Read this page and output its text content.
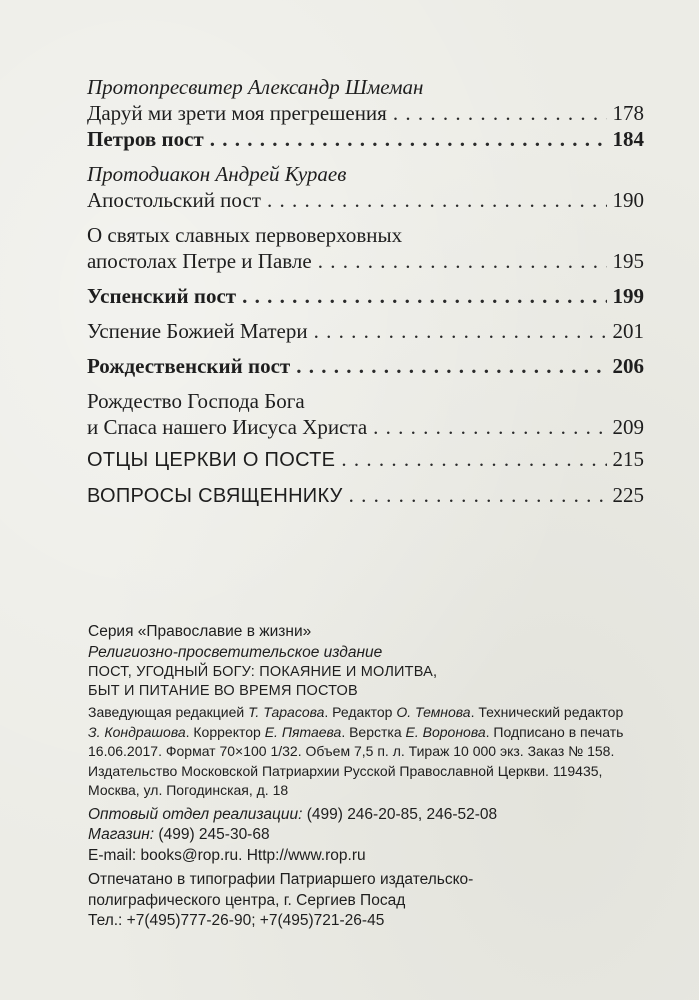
Протопресвитер Александр Шмеман
Даруй ми зрети моя прегрешения . . .	178
Петров пост . . .	184
Протодиакон Андрей Кураев
Апостольский пост . . .	190
О святых славных первоверховных
апостолах Петре и Павле . . .	195
Успенский пост . . .	199
Успение Божией Матери . . .	201
Рождественский пост . . .	206
Рождество Господа Бога
и Спаса нашего Иисуса Христа . . .	209
ОТЦЫ ЦЕРКВИ О ПОСТЕ . . .	215
ВОПРОСЫ СВЯЩЕННИКУ . . .	225
Серия «Православие в жизни»
Религиозно-просветительское издание
ПОСТ, УГОДНЫЙ БОГУ: ПОКАЯНИЕ И МОЛИТВА,
БЫТ И ПИТАНИЕ ВО ВРЕМЯ ПОСТОВ
Заведующая редакцией Т. Тарасова. Редактор О. Темнова. Технический редактор
З. Кондрашова. Корректор Е. Пятаева. Верстка Е. Воронова. Подписано в печать
16.06.2017. Формат 70×100 1/32. Объем 7,5 п. л. Тираж 10 000 экз. Заказ № 158.
Издательство Московской Патриархии Русской Православной Церкви. 119435,
Москва, ул. Погодинская, д. 18
Оптовый отдел реализации: (499) 246-20-85, 246-52-08
Магазин: (499) 245-30-68
E-mail: books@rop.ru. Http://www.rop.ru
Отпечатано в типографии Патриаршего издательско-
полиграфического центра, г. Сергиев Посад
Тел.: +7(495)777-26-90; +7(495)721-26-45
